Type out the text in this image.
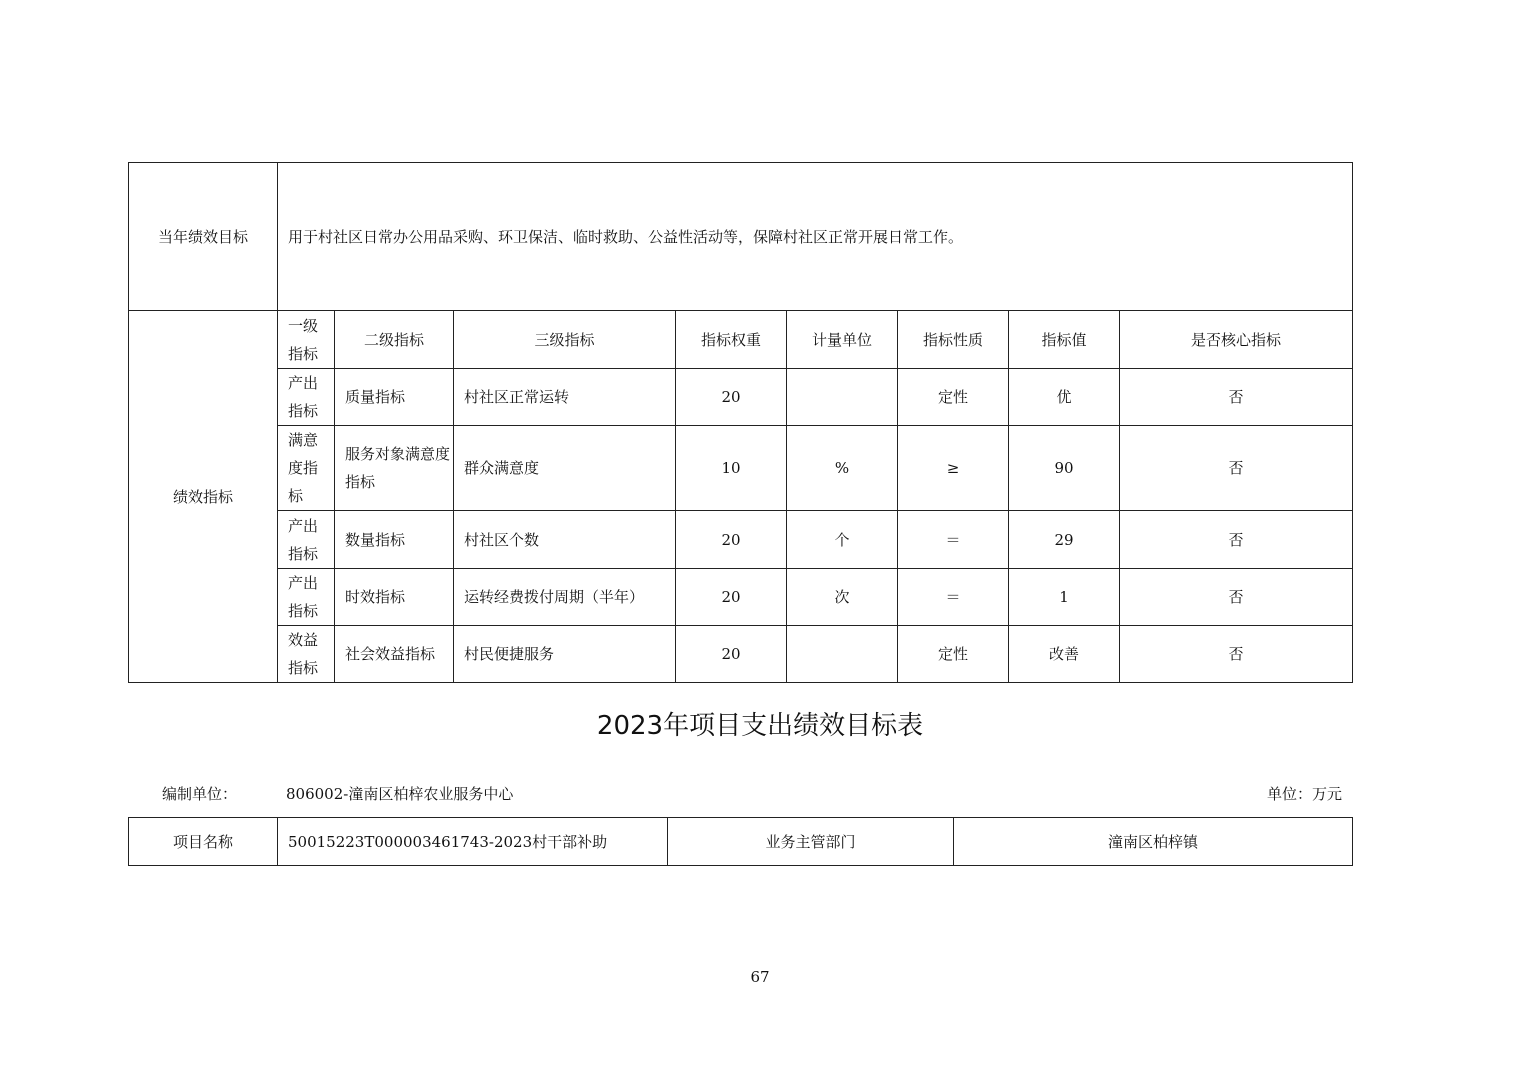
当年绩效目标	用于村社区日常办公用品采购、环卫保洁、临时救助、公益性活动等，保障村社区正常开展日常工作。							
绩效指标	一级指标	二级指标	三级指标	指标权重	计量单位	指标性质	指标值	是否核心指标
	产出指标	质量指标	村社区正常运转	20		定性	优	否
	满意度指标	服务对象满意度指标	群众满意度	10	%	≥	90	否
	产出指标	数量指标	村社区个数	20	个	＝	29	否
	产出指标	时效指标	运转经费拨付周期（半年）	20	次	＝	1	否
	效益指标	社会效益指标	村民便捷服务	20		定性	改善	否
2023年项目支出绩效目标表
编制单位：	806002-潼南区柏梓农业服务中心	单位：万元
项目名称	50015223T000003461743-2023村干部补助	业务主管部门	潼南区柏梓镇
67
